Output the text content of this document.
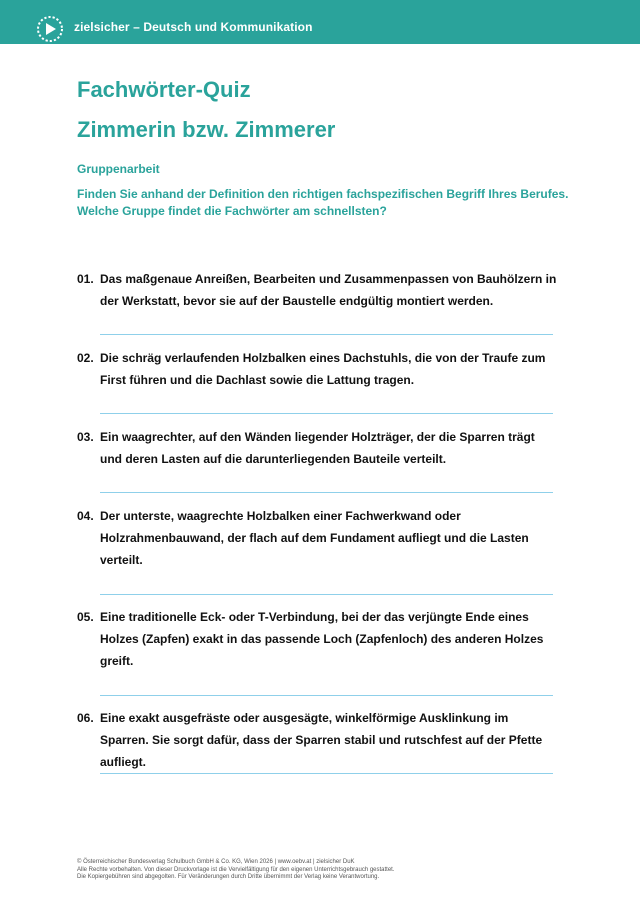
zielsicher – Deutsch und Kommunikation
Fachwörter-Quiz
Zimmerin bzw. Zimmerer
Gruppenarbeit
Finden Sie anhand der Definition den richtigen fachspezifischen Begriff Ihres Berufes. Welche Gruppe findet die Fachwörter am schnellsten?
01. Das maßgenaue Anreißen, Bearbeiten und Zusammenpassen von Bauhölzern in der Werkstatt, bevor sie auf der Baustelle endgültig montiert werden.
02. Die schräg verlaufenden Holzbalken eines Dachstuhls, die von der Traufe zum First führen und die Dachlast sowie die Lattung tragen.
03. Ein waagrechter, auf den Wänden liegender Holzträger, der die Sparren trägt und deren Lasten auf die darunterliegenden Bauteile verteilt.
04. Der unterste, waagrechte Holzbalken einer Fachwerkwand oder Holzrahmenbauwand, der flach auf dem Fundament aufliegt und die Lasten verteilt.
05. Eine traditionelle Eck- oder T-Verbindung, bei der das verjüngte Ende eines Holzes (Zapfen) exakt in das passende Loch (Zapfenloch) des anderen Holzes greift.
06. Eine exakt ausgefräste oder ausgesägte, winkelförmige Ausklinkung im Sparren. Sie sorgt dafür, dass der Sparren stabil und rutschfest auf der Pfette aufliegt.
© Österreichischer Bundesverlag Schulbuch GmbH & Co. KG, Wien 2026 | www.oebv.at | zielsicher DuK
Alle Rechte vorbehalten. Von dieser Druckvorlage ist die Vervielfältigung für den eigenen Unterrichtsgebrauch gestattet.
Die Kopiergebühren sind abgegolten. Für Veränderungen durch Dritte übernimmt der Verlag keine Verantwortung.
